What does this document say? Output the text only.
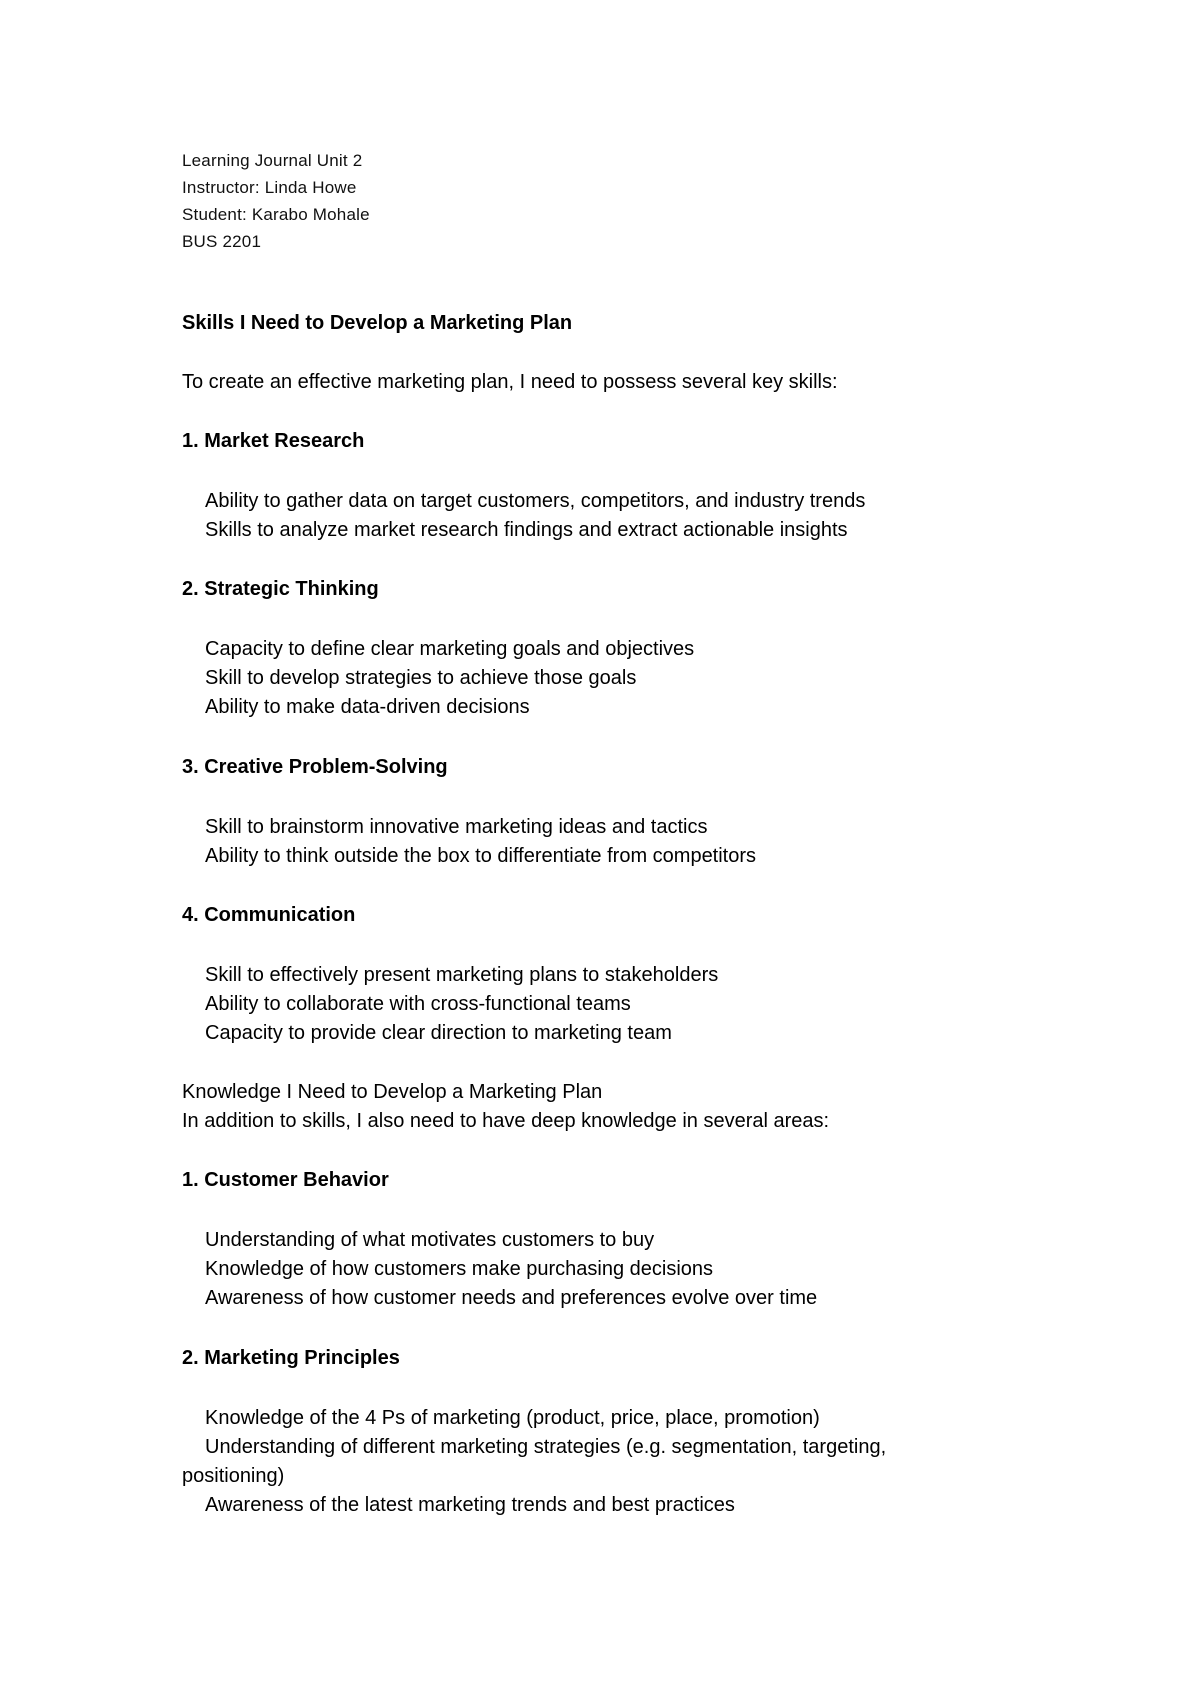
Learning Journal Unit 2
Instructor: Linda Howe
Student: Karabo Mohale
BUS 2201
Skills I Need to Develop a Marketing Plan
To create an effective marketing plan, I need to possess several key skills:
1. Market Research
Ability to gather data on target customers, competitors, and industry trends
Skills to analyze market research findings and extract actionable insights
2. Strategic Thinking
Capacity to define clear marketing goals and objectives
Skill to develop strategies to achieve those goals
Ability to make data-driven decisions
3. Creative Problem-Solving
Skill to brainstorm innovative marketing ideas and tactics
Ability to think outside the box to differentiate from competitors
4. Communication
Skill to effectively present marketing plans to stakeholders
Ability to collaborate with cross-functional teams
Capacity to provide clear direction to marketing team
Knowledge I Need to Develop a Marketing Plan
In addition to skills, I also need to have deep knowledge in several areas:
1. Customer Behavior
Understanding of what motivates customers to buy
Knowledge of how customers make purchasing decisions
Awareness of how customer needs and preferences evolve over time
2. Marketing Principles
Knowledge of the 4 Ps of marketing (product, price, place, promotion)
Understanding of different marketing strategies (e.g. segmentation, targeting,
positioning)
Awareness of the latest marketing trends and best practices
